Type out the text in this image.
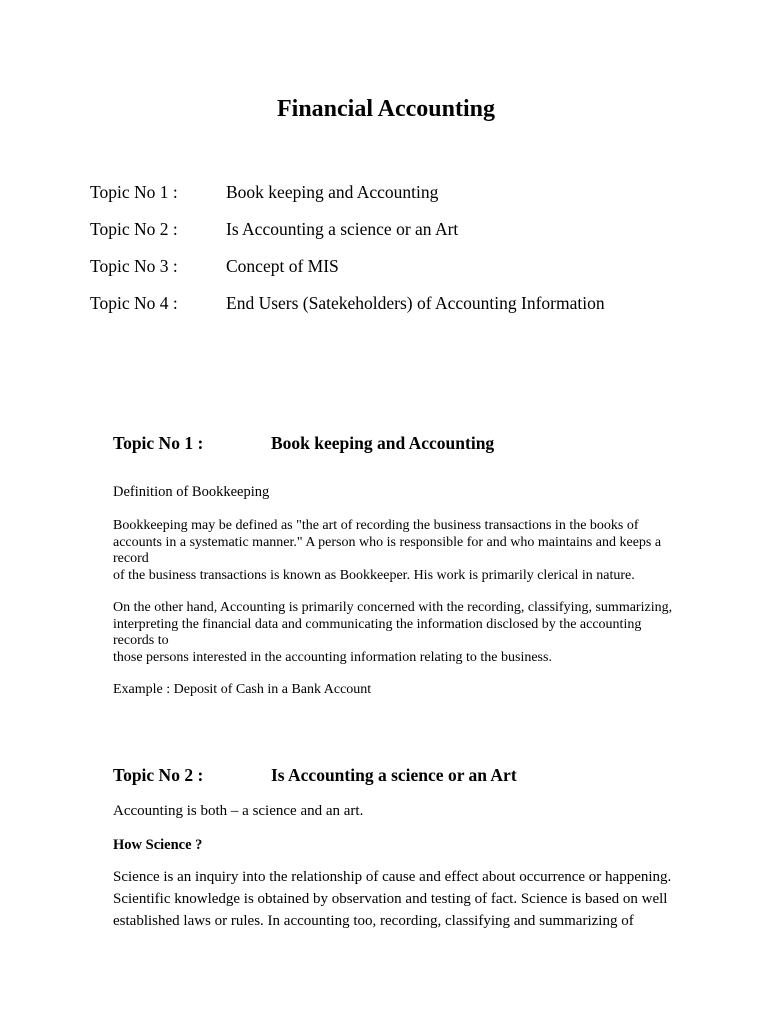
Financial Accounting
Topic No 1 :	Book keeping and Accounting
Topic No 2 :	Is Accounting a science or an Art
Topic No 3 :	Concept of MIS
Topic No 4 :	End Users (Satekeholders) of Accounting Information
Topic No 1 :	Book keeping and Accounting

Definition of Bookkeeping

Bookkeeping may be defined as "the art of recording the business transactions in the books of

accounts in a systematic manner." A person who is responsible for and who maintains and keeps a

record

of the business transactions is known as Bookkeeper. His work is primarily clerical in nature.

On the other hand, Accounting is primarily concerned with the recording, classifying, summarizing,

interpreting the financial data and communicating the information disclosed by the accounting

records to

those persons interested in the accounting information relating to the business.

Example : Deposit of Cash in a Bank Account

Topic No 2 :	Is Accounting a science or an Art

Accounting is both – a science and an art.

How Science ?

Science is an inquiry into the relationship of cause and effect about occurrence or happening.

Scientific knowledge is obtained by observation and testing of fact. Science is based on well

established laws or rules. In accounting too, recording, classifying and summarizing of
